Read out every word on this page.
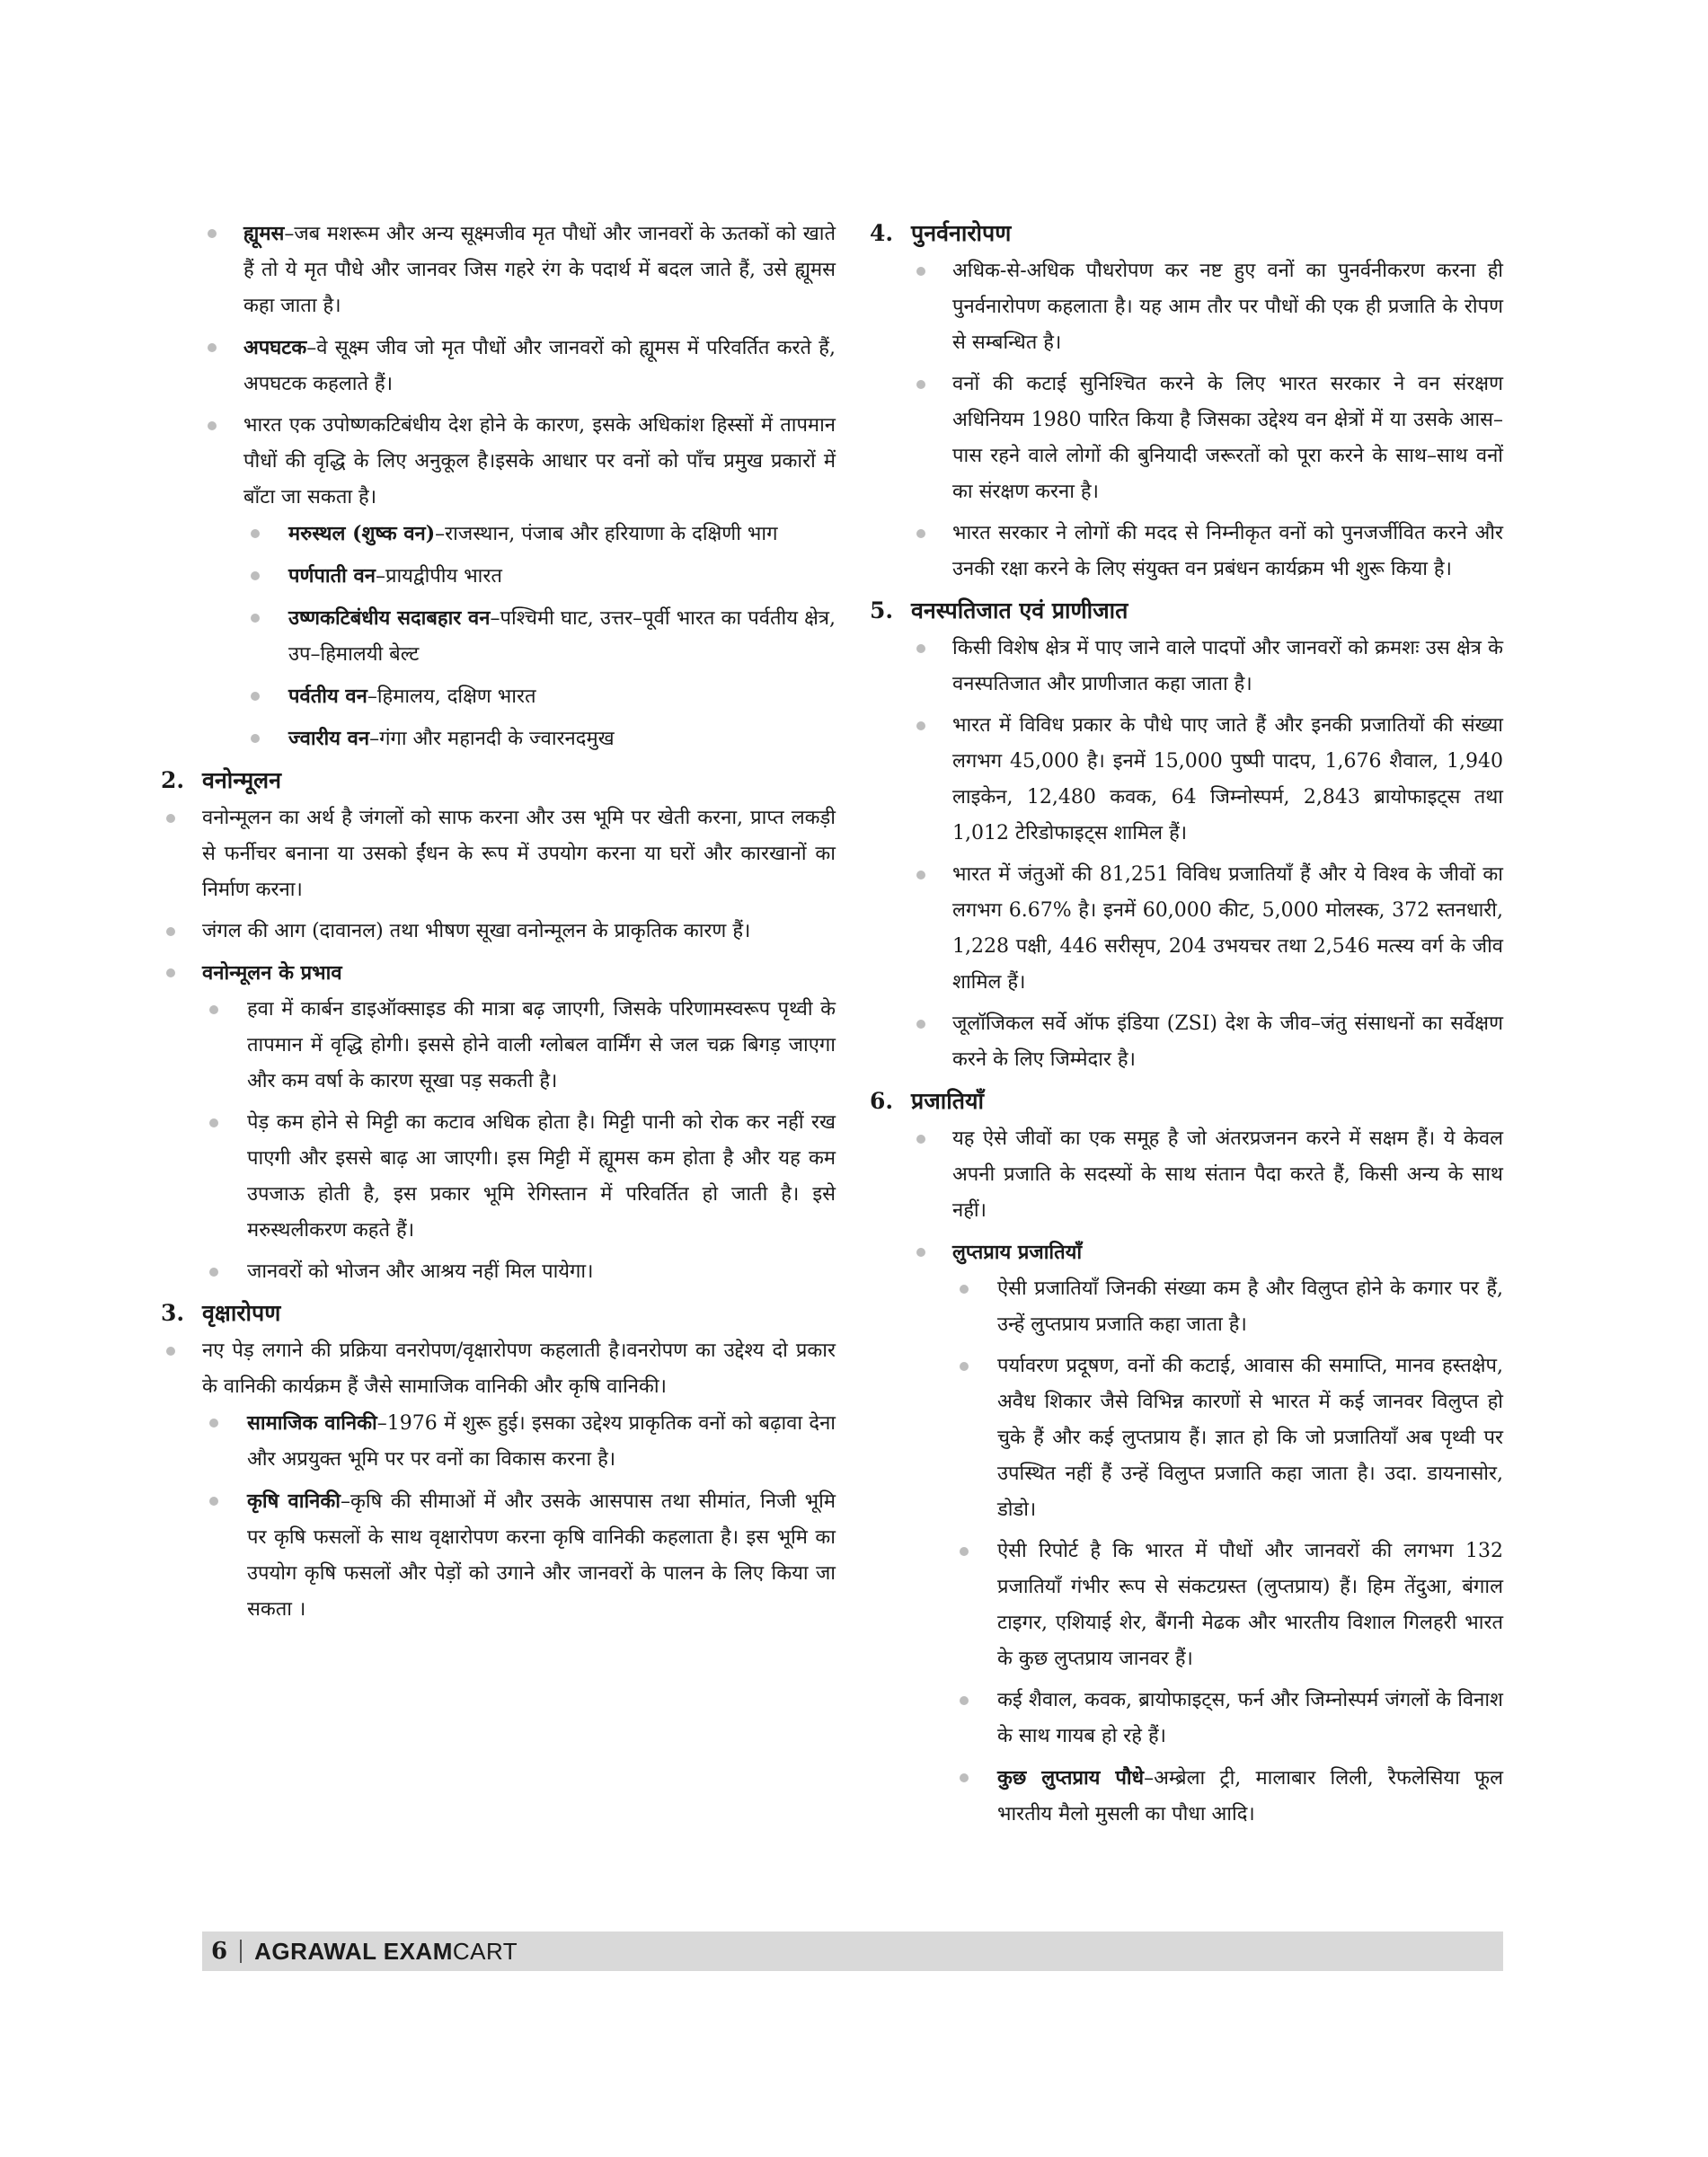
ह्यूमस–जब मशरूम और अन्य सूक्ष्मजीव मृत पौधों और जानवरों के ऊतकों को खाते हैं तो ये मृत पौधे और जानवर जिस गहरे रंग के पदार्थ में बदल जाते हैं, उसे ह्यूमस कहा जाता है।
अपघटक–वे सूक्ष्म जीव जो मृत पौधों और जानवरों को ह्यूमस में परिवर्तित करते हैं, अपघटक कहलाते हैं।
भारत एक उपोष्णकटिबंधीय देश होने के कारण, इसके अधिकांश हिस्सों में तापमान पौधों की वृद्धि के लिए अनुकूल है।इसके आधार पर वनों को पाँच प्रमुख प्रकारों में बाँटा जा सकता है।
मरुस्थल (शुष्क वन)–राजस्थान, पंजाब और हरियाणा के दक्षिणी भाग
पर्णपाती वन–प्रायद्वीपीय भारत
उष्णकटिबंधीय सदाबहार वन–पश्चिमी घाट, उत्तर–पूर्वी भारत का पर्वतीय क्षेत्र, उप–हिमालयी बेल्ट
पर्वतीय वन–हिमालय, दक्षिण भारत
ज्वारीय वन–गंगा और महानदी के ज्वारनदमुख
2. वनोन्मूलन
वनोन्मूलन का अर्थ है जंगलों को साफ करना और उस भूमि पर खेती करना, प्राप्त लकड़ी से फर्नीचर बनाना या उसको ईंधन के रूप में उपयोग करना या घरों और कारखानों का निर्माण करना।
जंगल की आग (दावानल) तथा भीषण सूखा वनोन्मूलन के प्राकृतिक कारण हैं।
वनोन्मूलन के प्रभाव
हवा में कार्बन डाइऑक्साइड की मात्रा बढ़ जाएगी, जिसके परिणामस्वरूप पृथ्वी के तापमान में वृद्धि होगी। इससे होने वाली ग्लोबल वार्मिंग से जल चक्र बिगड़ जाएगा और कम वर्षा के कारण सूखा पड़ सकती है।
पेड़ कम होने से मिट्टी का कटाव अधिक होता है। मिट्टी पानी को रोक कर नहीं रख पाएगी और इससे बाढ़ आ जाएगी। इस मिट्टी में ह्यूमस कम होता है और यह कम उपजाऊ होती है, इस प्रकार भूमि रेगिस्तान में परिवर्तित हो जाती है। इसे मरुस्थलीकरण कहते हैं।
जानवरों को भोजन और आश्रय नहीं मिल पायेगा।
3. वृक्षारोपण
नए पेड़ लगाने की प्रक्रिया वनरोपण/वृक्षारोपण कहलाती है।वनरोपण का उद्देश्य दो प्रकार के वानिकी कार्यक्रम हैं जैसे सामाजिक वानिकी और कृषि वानिकी।
सामाजिक वानिकी–1976 में शुरू हुई। इसका उद्देश्य प्राकृतिक वनों को बढ़ावा देना और अप्रयुक्त भूमि पर पर वनों का विकास करना है।
कृषि वानिकी–कृषि की सीमाओं में और उसके आसपास तथा सीमांत, निजी भूमि पर कृषि फसलों के साथ वृक्षारोपण करना कृषि वानिकी कहलाता है। इस भूमि का उपयोग कृषि फसलों और पेड़ों को उगाने और जानवरों के पालन के लिए किया जा सकता ।
4. पुनर्वनारोपण
अधिक-से-अधिक पौधरोपण कर नष्ट हुए वनों का पुनर्वनीकरण करना ही पुनर्वनारोपण कहलाता है। यह आम तौर पर पौधों की एक ही प्रजाति के रोपण से सम्बन्धित है।
वनों की कटाई सुनिश्चित करने के लिए भारत सरकार ने वन संरक्षण अधिनियम 1980 पारित किया है जिसका उद्देश्य वन क्षेत्रों में या उसके आस–पास रहने वाले लोगों की बुनियादी जरूरतों को पूरा करने के साथ–साथ वनों का संरक्षण करना है।
भारत सरकार ने लोगों की मदद से निम्नीकृत वनों को पुनजर्जीवित करने और उनकी रक्षा करने के लिए संयुक्त वन प्रबंधन कार्यक्रम भी शुरू किया है।
5. वनस्पतिजात एवं प्राणीजात
किसी विशेष क्षेत्र में पाए जाने वाले पादपों और जानवरों को क्रमशः उस क्षेत्र के वनस्पतिजात और प्राणीजात कहा जाता है।
भारत में विविध प्रकार के पौधे पाए जाते हैं और इनकी प्रजातियों की संख्या लगभग 45,000 है। इनमें 15,000 पुष्पी पादप, 1,676 शैवाल, 1,940 लाइकेन, 12,480 कवक, 64 जिम्नोस्पर्म, 2,843 ब्रायोफाइट्स तथा 1,012 टेरिडोफाइट्स शामिल हैं।
भारत में जंतुओं की 81,251 विविध प्रजातियाँ हैं और ये विश्व के जीवों का लगभग 6.67% है। इनमें 60,000 कीट, 5,000 मोलस्क, 372 स्तनधारी, 1,228 पक्षी, 446 सरीसृप, 204 उभयचर तथा 2,546 मत्स्य वर्ग के जीव शामिल हैं।
जूलॉजिकल सर्वे ऑफ इंडिया (ZSI) देश के जीव–जंतु संसाधनों का सर्वेक्षण करने के लिए जिम्मेदार है।
6. प्रजातियाँ
यह ऐसे जीवों का एक समूह है जो अंतरप्रजनन करने में सक्षम हैं। ये केवल अपनी प्रजाति के सदस्यों के साथ संतान पैदा करते हैं, किसी अन्य के साथ नहीं।
लुप्तप्राय प्रजातियाँ
ऐसी प्रजातियाँ जिनकी संख्या कम है और विलुप्त होने के कगार पर हैं, उन्हें लुप्तप्राय प्रजाति कहा जाता है।
पर्यावरण प्रदूषण, वनों की कटाई, आवास की समाप्ति, मानव हस्तक्षेप, अवैध शिकार जैसे विभिन्न कारणों से भारत में कई जानवर विलुप्त हो चुके हैं और कई लुप्तप्राय हैं। ज्ञात हो कि जो प्रजातियाँ अब पृथ्वी पर उपस्थित नहीं हैं उन्हें विलुप्त प्रजाति कहा जाता है। उदा. डायनासोर, डोडो।
ऐसी रिपोर्ट है कि भारत में पौधों और जानवरों की लगभग 132 प्रजातियाँ गंभीर रूप से संकटग्रस्त (लुप्तप्राय) हैं। हिम तेंदुआ, बंगाल टाइगर, एशियाई शेर, बैंगनी मेढक और भारतीय विशाल गिलहरी भारत के कुछ लुप्तप्राय जानवर हैं।
कई शैवाल, कवक, ब्रायोफाइट्स, फर्न और जिम्नोस्पर्म जंगलों के विनाश के साथ गायब हो रहे हैं।
कुछ लुप्तप्राय पौधे–अम्ब्रेला ट्री, मालाबार लिली, रैफलेसिया फूल भारतीय मैलो मुसली का पौधा आदि।
6 AGRAWAL EXAMCART
